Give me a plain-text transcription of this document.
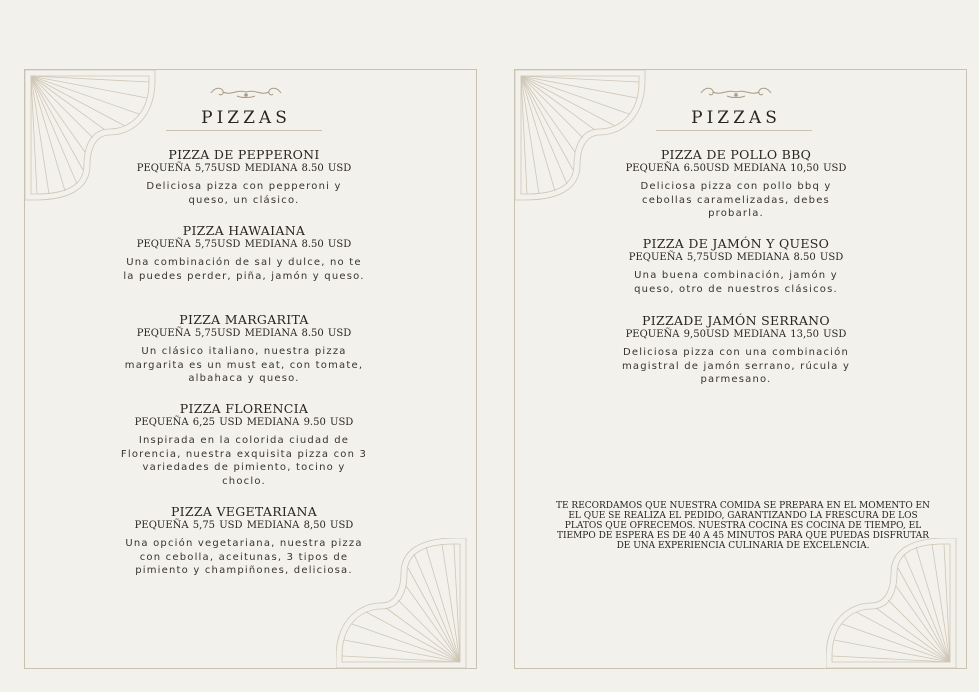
PIZZAS
PIZZA DE PEPPERONI
PEQUEÑA 5,75USD MEDIANA 8.50 USD
Deliciosa pizza con pepperoni y queso, un clásico.
PIZZA HAWAIANA
PEQUEÑA 5,75USD MEDIANA 8.50 USD
Una combinación de sal y dulce, no te la puedes perder, piña, jamón y queso.
PIZZA MARGARITA
PEQUEÑA 5,75USD MEDIANA 8.50 USD
Un clásico italiano, nuestra pizza margarita es un must eat, con tomate, albahaca y queso.
PIZZA FLORENCIA
PEQUEÑA 6,25 USD MEDIANA 9.50 USD
Inspirada en la colorida ciudad de Florencia, nuestra exquisita pizza con 3 variedades de pimiento, tocino y choclo.
PIZZA VEGETARIANA
PEQUEÑA 5,75 USD MEDIANA 8,50 USD
Una opción vegetariana, nuestra pizza con cebolla, aceitunas, 3 tipos de pimiento y champiñones, deliciosa.
PIZZAS
PIZZA DE POLLO BBQ
PEQUEÑA 6.50USD MEDIANA 10,50 USD
Deliciosa pizza con pollo bbq y cebollas caramelizadas, debes probarla.
PIZZA DE JAMÓN Y QUESO
PEQUEÑA 5,75USD MEDIANA 8.50 USD
Una buena combinación, jamón y queso, otro de nuestros clásicos.
PIZZADE JAMÓN SERRANO
PEQUEÑA 9,50USD MEDIANA 13,50 USD
Deliciosa pizza con una combinación magistral de jamón serrano, rúcula y parmesano.
TE RECORDAMOS QUE NUESTRA COMIDA SE PREPARA EN EL MOMENTO EN EL QUE SE REALIZA EL PEDIDO, GARANTIZANDO LA FRESCURA DE LOS PLATOS QUE OFRECEMOS. NUESTRA COCINA ES COCINA DE TIEMPO, EL TIEMPO DE ESPERA ES DE 40 A 45 MINUTOS PARA QUE PUEDAS DISFRUTAR DE UNA EXPERIENCIA CULINARIA DE EXCELENCIA.
